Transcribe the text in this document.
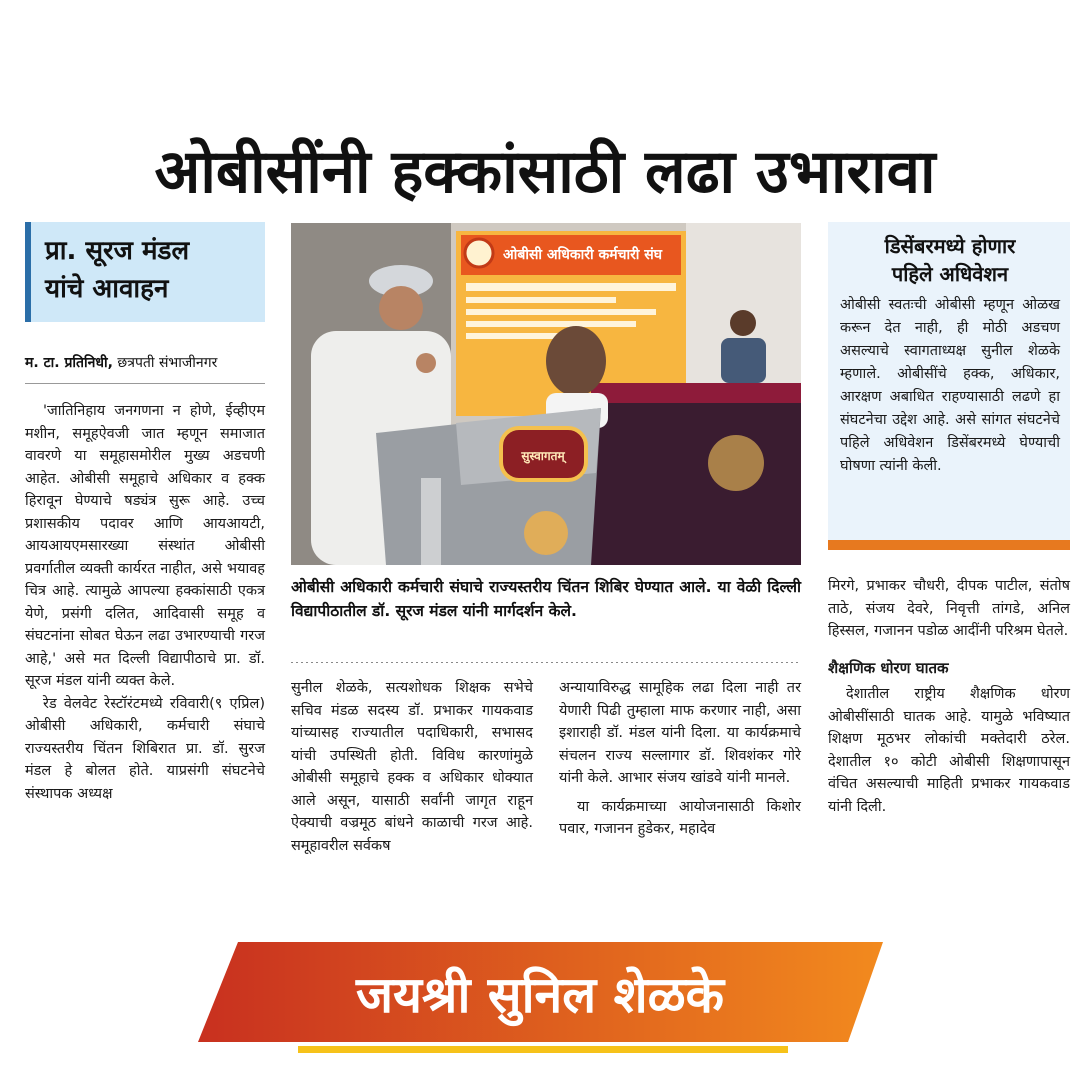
ओबीसींनी हक्कांसाठी लढा उभारावा
प्रा. सूरज मंडल
यांचे आवाहन
म. टा. प्रतिनिधी, छत्रपती संभाजीनगर

'जातिनिहाय जनगणना न होणे, ईव्हीएम मशीन, समूहऐवजी जात म्हणून समाजात वावरणे या समूहासमोरील मुख्य अडचणी आहेत. ओबीसी समूहाचे अधिकार व हक्क हिरावून घेण्याचे षड्यंत्र सुरू आहे. उच्च प्रशासकीय पदावर आणि आयआयटी, आयआयएमसारख्या संस्थांत ओबीसी प्रवर्गातील व्यक्ती कार्यरत नाहीत, असे भयावह चित्र आहे. त्यामुळे आपल्या हक्कांसाठी एकत्र येणे, प्रसंगी दलित, आदिवासी समूह व संघटनांना सोबत घेऊन लढा उभारण्याची गरज आहे,' असे मत दिल्ली विद्यापीठाचे प्रा. डॉ. सूरज मंडल यांनी व्यक्त केले.

रेड वेलवेट रेस्टॉरंटमध्ये रविवारी(९ एप्रिल) ओबीसी अधिकारी, कर्मचारी संघाचे राज्यस्तरीय चिंतन शिबिरात प्रा. डॉ. सुरज मंडल हे बोलत होते. याप्रसंगी संघटनेचे संस्थापक अध्यक्ष

ओबीसी अधिकारी कर्मचारी संघ
सुस्वागतम्
ओबीसी अधिकारी कर्मचारी संघाचे राज्यस्तरीय चिंतन शिबिर घेण्यात आले. या वेळी दिल्ली विद्यापीठातील डॉ. सूरज मंडल यांनी मार्गदर्शन केले.

सुनील शेळके, सत्यशोधक शिक्षक सभेचे सचिव मंडळ सदस्य डॉ. प्रभाकर गायकवाड यांच्यासह राज्यातील पदाधिकारी, सभासद यांची उपस्थिती होती. विविध कारणांमुळे ओबीसी समूहाचे हक्क व अधिकार धोक्यात आले असून, यासाठी सर्वांनी जागृत राहून ऐक्याची वज्रमूठ बांधने काळाची गरज आहे. समूहावरील सर्वकष

अन्यायाविरुद्ध सामूहिक लढा दिला नाही तर येणारी पिढी तुम्हाला माफ करणार नाही, असा इशाराही डॉ. मंडल यांनी दिला. या कार्यक्रमाचे संचलन राज्य सल्लागार डॉ. शिवशंकर गोरे यांनी केले. आभार संजय खांडवे यांनी मानले.

या कार्यक्रमाच्या आयोजनासाठी किशोर पवार, गजानन हुडेकर, महादेव

डिसेंबरमध्ये होणार
पहिले अधिवेशन

ओबीसी स्वतःची ओबीसी म्हणून ओळख करून देत नाही, ही मोठी अडचण असल्याचे स्वागताध्यक्ष सुनील शेळके म्हणाले. ओबीसींचे हक्क, अधिकार, आरक्षण अबाधित राहण्यासाठी लढणे हा संघटनेचा उद्देश आहे. असे सांगत संघटनेचे पहिले अधिवेशन डिसेंबरमध्ये घेण्याची घोषणा त्यांनी केली.

मिरगे, प्रभाकर चौधरी, दीपक पाटील, संतोष ताठे, संजय देवरे, निवृत्ती तांगडे, अनिल हिस्सल, गजानन पडोळ आदींनी परिश्रम घेतले.

शैक्षणिक धोरण घातक

देशातील राष्ट्रीय शैक्षणिक धोरण ओबीसींसाठी घातक आहे. यामुळे भविष्यात शिक्षण मूठभर लोकांची मक्तेदारी ठरेल. देशातील १० कोटी ओबीसी शिक्षणापासून वंचित असल्याची माहिती प्रभाकर गायकवाड यांनी दिली.

जयश्री सुनिल शेळके
